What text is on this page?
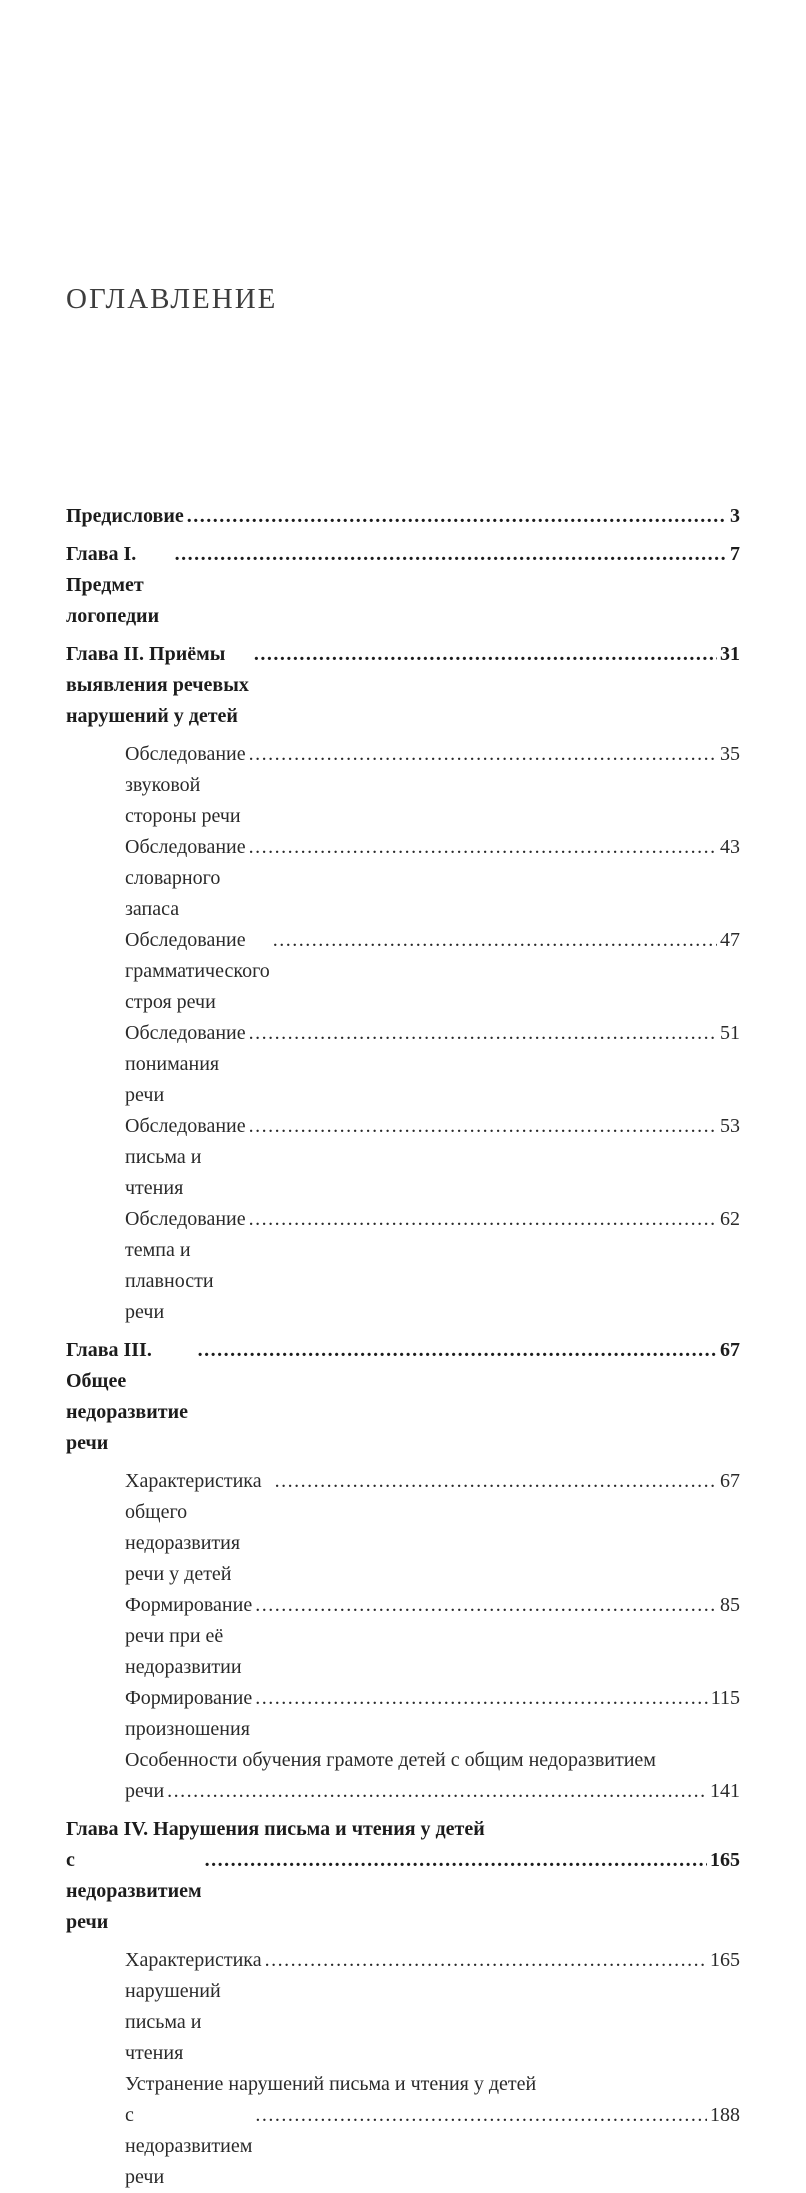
ОГЛАВЛЕНИЕ
Предисловие .....	3
Глава I. Предмет логопедии
.....
7
Глава II. Приёмы выявления речевых нарушений у детей
.....
31
Обследование звуковой стороны речи
.....
35
Обследование словарного запаса
.....
43
Обследование грамматического строя речи
.....
47
Обследование понимания речи
.....
51
Обследование письма и чтения
.....
53
Обследование темпа и плавности речи
.....
62
Глава III. Общее недоразвитие речи
.....
67
Характеристика общего недоразвития речи у детей
.....
67
Формирование речи при её недоразвитии
.....
85
Формирование произношения
.....
115
Особенности обучения грамоте детей с общим недоразвитием
речи .....	141
Глава IV. Нарушения письма и чтения у детей
с недоразвитием речи
.....
165
Характеристика нарушений письма и чтения
.....
165
Устранение нарушений письма и чтения у детей
с недоразвитием речи
.....
188
